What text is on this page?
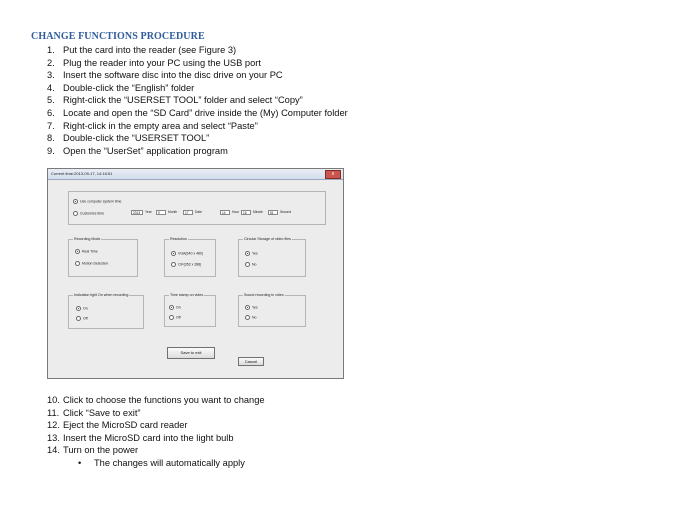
CHANGE FUNCTIONS PROCEDURE
1. Put the card into the reader (see Figure 3)
2. Plug the reader into your PC using the USB port
3. Insert the software disc into the disc drive on your PC
4. Double-click the “English” folder
5. Right-click the “USERSET TOOL” folder and select “Copy”
6. Locate and open the “SD Card” drive inside the (My) Computer folder
7. Right-click in the empty area and select “Paste”
8. Double-click the “USERSET TOOL”
9. Open the “UserSet” application program
Current time:2013-09-17, 14:16:51	x
Use computer system time
Customize time	2013	Year	9	Month	17	Date	14	Hour	16	Minute	51	Second
Recording Mode
Real Time
Motion Detection
Resolution
VGA(640 x 480)
CIF(352 x 288)
Circular Storage of video files
Yes
No
Indication light On when recording
On
Off
Time stamp on video
On
Off
Sound recording in video
Yes
No
Save to exit
Cancel
10. Click to choose the functions you want to change
11. Click “Save to exit”
12. Eject the MicroSD card reader
13. Insert the MicroSD card into the light bulb
14. Turn on the power
• The changes will automatically apply
